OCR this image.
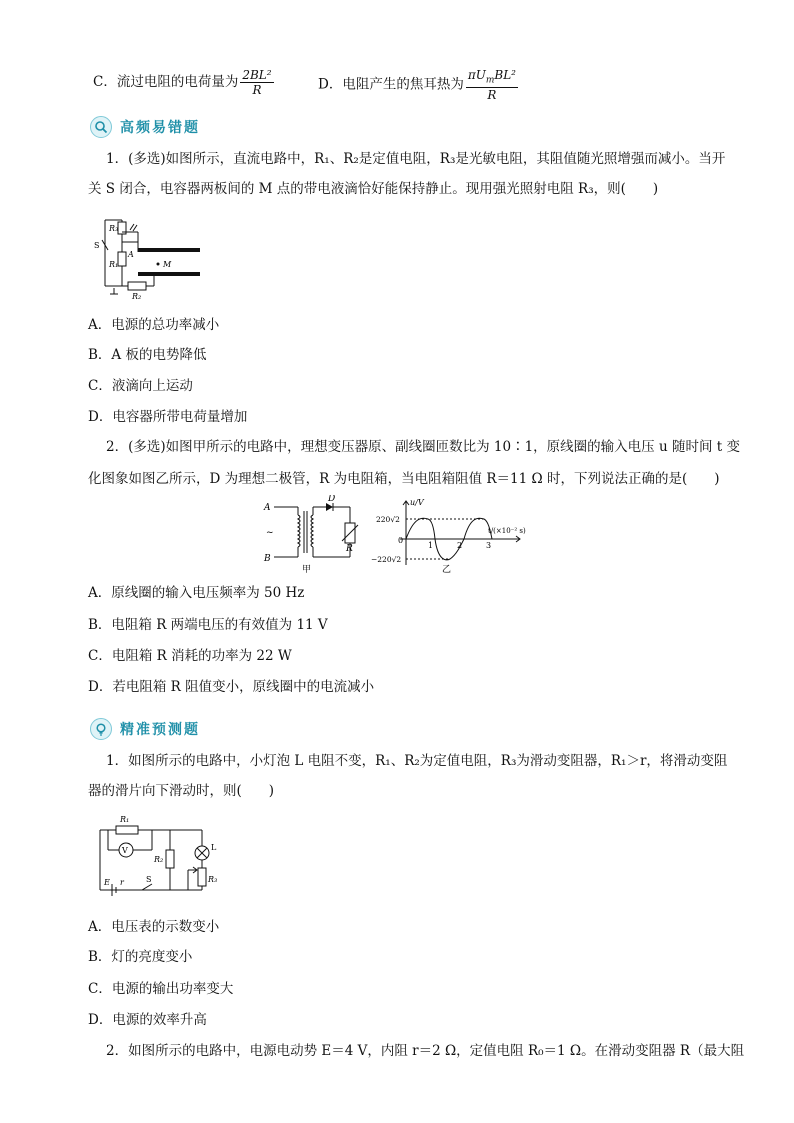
C．流过电阻的电荷量为 $\frac{\text{2BL²}}{R}$	D．电阻产生的焦耳热为 $\frac{\pi U_mBL^2}{R}$
高频易错题
1．(多选)如图所示，直流电路中，R₁、R₂是定值电阻，R₃是光敏电阻，其阻值随光照增强而减小。当开
关 S 闭合，电容器两板间的 M 点的带电液滴恰好能保持静止。现用强光照射电阻 R₃，则(　　)
R₃
S
A
R₁	M
R₂
A．电源的总功率减小
B．A 板的电势降低
C．液滴向上运动
D．电容器所带电荷量增加
2．(多选)如图甲所示的电路中，理想变压器原、副线圈匝数比为 10∶1，原线圈的输入电压 u 随时间 t 变
化图象如图乙所示，D 为理想二极管，R 为电阻箱，当电阻箱阻值 R＝11 Ω 时，下列说法正确的是(　　)
A
~
B
D
R
甲
u/V
t/(×10⁻² s)
220√2
−220√2
0
1	2	3
乙
A．原线圈的输入电压频率为 50 Hz
B．电阻箱 R 两端电压的有效值为 11 V
C．电阻箱 R 消耗的功率为 22 W
D．若电阻箱 R 阻值变小，原线圈中的电流减小
精准预测题
1．如图所示的电路中，小灯泡 L 电阻不变，R₁、R₂为定值电阻，R₃为滑动变阻器，R₁＞r，将滑动变阻
器的滑片向下滑动时，则(　　)
R₁
V
R₂
L
R₃
E r	S
A．电压表的示数变小
B．灯的亮度变小
C．电源的输出功率变大
D．电源的效率升高
2．如图所示的电路中，电源电动势 E＝4 V，内阻 r＝2 Ω，定值电阻 R₀＝1 Ω。在滑动变阻器 R（最大阻
